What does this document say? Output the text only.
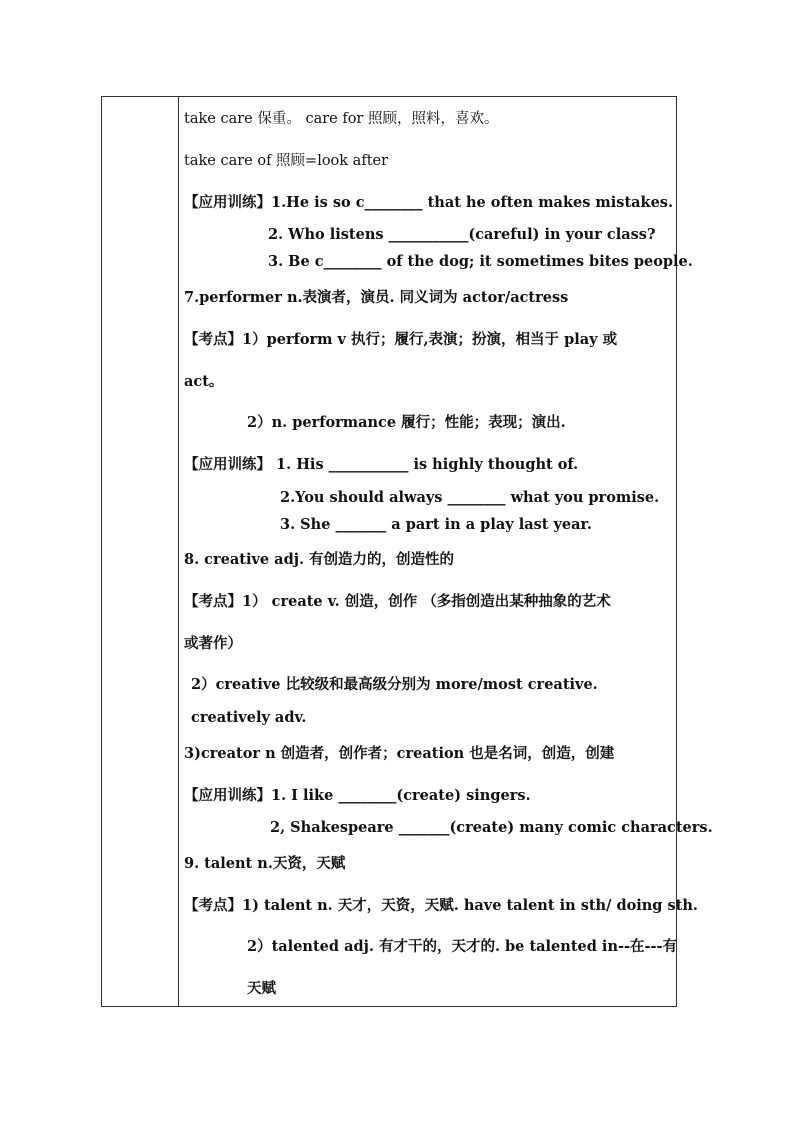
take care 保重。 care for 照顾，照料，喜欢。
take care of 照顾=look after
【应用训练】1.He is so c________ that he often makes mistakes.
2. Who listens ___________(careful) in your class?
3. Be c________ of the dog; it sometimes bites people.
7.performer n.表演者，演员. 同义词为 actor/actress
【考点】1）perform v 执行；履行,表演；扮演，相当于 play 或
act。
2）n. performance 履行；性能；表现；演出.
【应用训练】 1. His ___________ is highly thought of.
2.You should always ________ what you promise.
3. She _______ a part in a play last year.
8. creative adj. 有创造力的，创造性的
【考点】1） create v. 创造，创作 （多指创造出某种抽象的艺术
或著作）
2）creative 比较级和最高级分别为 more/most creative.
creatively adv.
3)creator n 创造者，创作者；creation 也是名词，创造，创建
【应用训练】1. I like ________(create) singers.
2, Shakespeare _______(create) many comic characters.
9. talent n.天资，天赋
【考点】1) talent n. 天才，天资，天赋. have talent in sth/ doing sth.
2）talented adj. 有才干的，天才的. be talented in--在---有
天赋
